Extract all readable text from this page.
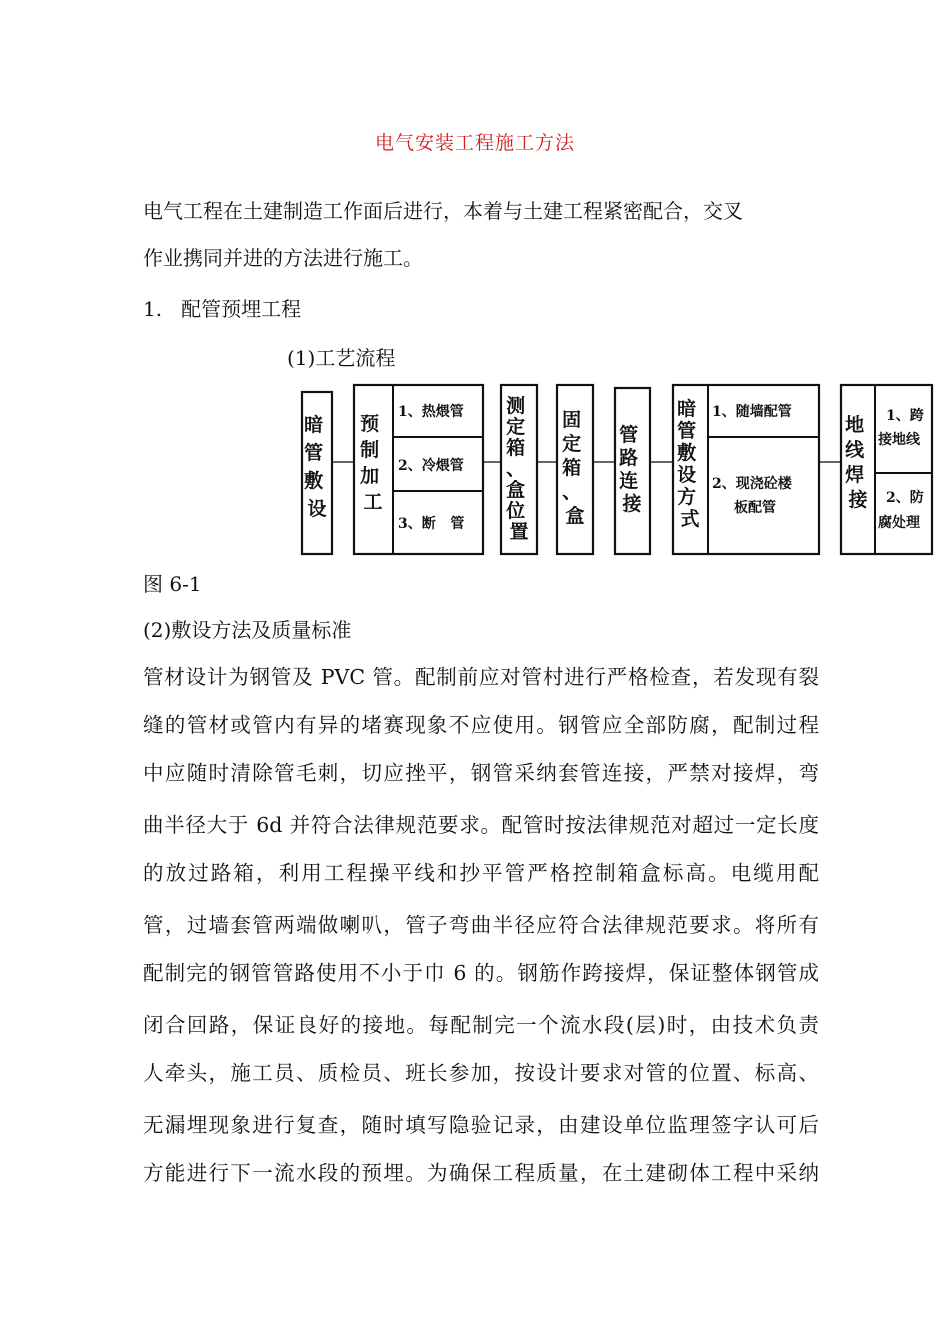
电气安装工程施工方法
电气工程在土建制造工作面后进行，本着与土建工程紧密配合，交叉
作业携同并进的方法进行施工。
1.   配管预埋工程
(1)工艺流程
暗 管 敷 设
预 制 加 工
1、热煨管
2、冷煨管
3、断   管
测 定 箱 、 盒 位 置
固 定 箱 、 盒
管 路 连 接
暗 管 敷 设 方 式
1、随墙配管
2、现浇砼楼
板配管
地 线 焊 接
1、跨
接地线
2、防
腐处理
图 6-1
(2)敷设方法及质量标准
管材设计为钢管及 PVC 管。配制前应对管村进行严格检查，若发现有裂
缝的管材或管内有异的堵赛现象不应使用。钢管应全部防腐，配制过程
中应随时清除管毛刺，切应挫平，钢管采纳套管连接，严禁对接焊，弯
曲半径大于 6d 并符合法律规范要求。配管时按法律规范对超过一定长度
的放过路箱，利用工程操平线和抄平管严格控制箱盒标高。电缆用配
管，过墙套管两端做喇叭，管子弯曲半径应符合法律规范要求。将所有
配制完的钢管管路使用不小于巾 6 的。钢筋作跨接焊，保证整体钢管成
闭合回路，保证良好的接地。每配制完一个流水段(层)时，由技术负责
人牵头，施工员、质检员、班长参加，按设计要求对管的位置、标高、
无漏埋现象进行复查，随时填写隐验记录，由建设单位监理签字认可后
方能进行下一流水段的预埋。为确保工程质量，在土建砌体工程中采纳
